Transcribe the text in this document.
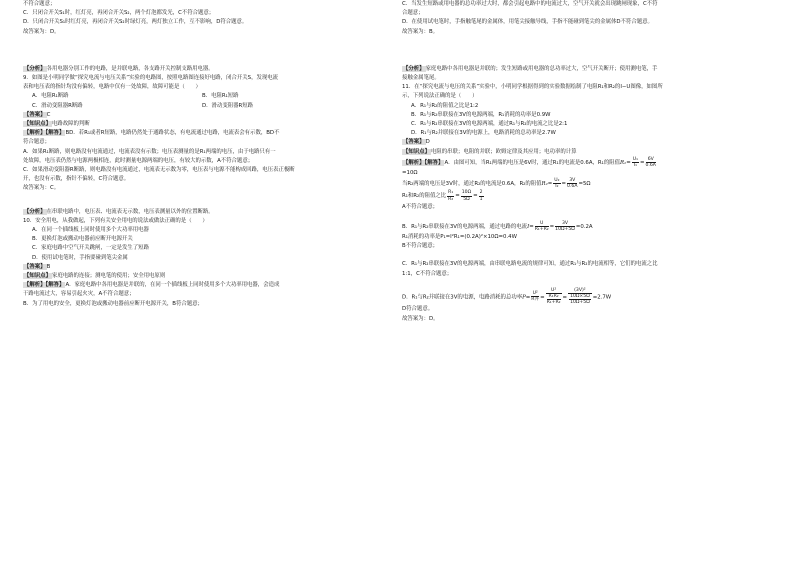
不符合题意；

C．只闭合开关S₁时，红灯亮，再闭合开关S₂，两个灯泡都发光，C不符合题意；

D．只闭合开关S₁时红灯亮，再闭合开关S₂时绿灯亮，两灯独立工作，互不影响，D符合题意。

故答案为：D。

【分析】各用电器分别工作的电路，是并联电路，各支路开关控制支路用电器。

9．如图是小明同学做“探究电流与电压关系”实验的电路图，按照电路图连接好电路，闭合开关S，发现电流

表和电压表的指针均没有偏转，电路中仅有一处故障，故障可能是（　　）

A．电阻R₁断路	B．电阻R₁短路
C．滑动变阻器R断路	D．滑动变阻器R短路

【答案】C

【知识点】电路故障的判断

【解析】【解答】BD．若R₁或者R短路，电路仍然处于通路状态，有电流通过电路，电流表会有示数，BD不

符合题意；

A．如果R₁断路，则电路没有电流通过，电流表没有示数；电压表测量的是R₁两端的电压，由于电路只有一

处故障，电压表仍然与电源两极相连，此时测量电源两端的电压，有较大的示数，A不符合题意；

C．如果滑动变阻器R断路，则电路没有电流通过，电流表无示数为零，电压表与电源不能构成回路，电压表正极断

开，也没有示数，指针不偏转，C符合题意。

故答案为：C。

【分析】在串联电路中，电压表、电流表无示数，电压表测量以外的位置断路。

10．安全用电，从我做起，下列有关安全用电的说法或做法正确的是（　　）

A．在同一个插线板上同时使用多个大功率用电器

B．更换灯泡或搬动电器前应断开电源开关

C．家庭电路中空气开关跳闸，一定是发生了短路

D．使用试电笔时，手指要碰到笔尖金属

【答案】B

【知识点】家庭电路的连接；测电笔的使用；安全用电原则

【解析】【解答】A．家庭电路中各用电器是并联的，在同一个插线板上同时使用多个大功率用电器，会造成

干路电流过大，容易引起火灾，A不符合题意；

B．为了用电的安全，更换灯泡或搬动电器前应断开电源开关，B符合题意；

C．当发生短路或用电器的总功率过大时，都会引起电路中的电流过大，空气开关就会出现跳闸现象，C不符

合题意；

D．在使用试电笔时，手指触笔尾的金属体，用笔尖接触导线，手指不能碰到笔尖的金属体D不符合题意。

故答案为：B。

【分析】家庭电路中各用电器是并联的；发生短路或用电器的总功率过大，空气开关断开；使用测电笔，手

接触金属笔尾。

11．在“探究电流与电压的关系”实验中，小明同学根据得到的实验数据绘制了电阻R₁和R₂的I−U图像，如图所

示，下列说法正确的是（　　）

A．R₁与R₂的阻值之比是1:2

B．R₁与R₂串联接在3V的电源两端，R₁消耗的功率是0.9W

C．R₁与R₂串联接在3V的电源两端，通过R₁与R₂的电流之比是2:1

D．R₁与R₂并联接在3V的电源上，电路消耗的总功率是2.7W

【答案】D

【知识点】电阻的串联；电阻的并联；欧姆定律及其应用；电功率的计算

【解析】【解答】A．由图可知，当R₁两端的电压是6V时，通过R₁的电流是0.6A，R₁的阻值$R_1= \frac{\text{U₁}}{\text{I₁}} = \frac{6V}{0.6A}$

=10Ω

当R₂两端的电压是3V时，通过R₂的电流是0.6A，R₂的阻值$R_2= \frac{\text{U₂}}{\text{I₂}} = \frac{3V}{0.6A} =5\Omega$

R₁和R₂的阻值之比 $\frac{\text{R₁}}{\text{R₂}} = \frac{10\Omega}{5\Omega} = \frac{2}{1}$

A不符合题意；

B．R₁与R₂串联接在3V的电源两端，通过电路的电流$I= \frac{U}{\text{R₁+R₂}} = \frac{3V}{10\Omega+5\Omega} =0.2A$

R₁消耗的功率是P₁=I²R₁=(0.2A)²×10Ω=0.4W

B不符合题意；

C．R₁与R₂串联接在3V的电源两端，由串联电路电流的规律可知，通过R₁与R₂的电流相等，它们的电流之比

1:1，C不符合题意；

D．R₁与R₂并联接在3V的电源，电路消耗的总功率$P= \frac{\text{U²}}{\text{R并}} = \frac{\text{U²}}{\frac{\text{R₁R₂}}{\text{R₁+R₂}}} = \frac{\text{(3V)²}}{\frac{10\Omega\times 5\Omega}{10\Omega+5\Omega}} =2.7W$

D符合题意。

故答案为：D。
